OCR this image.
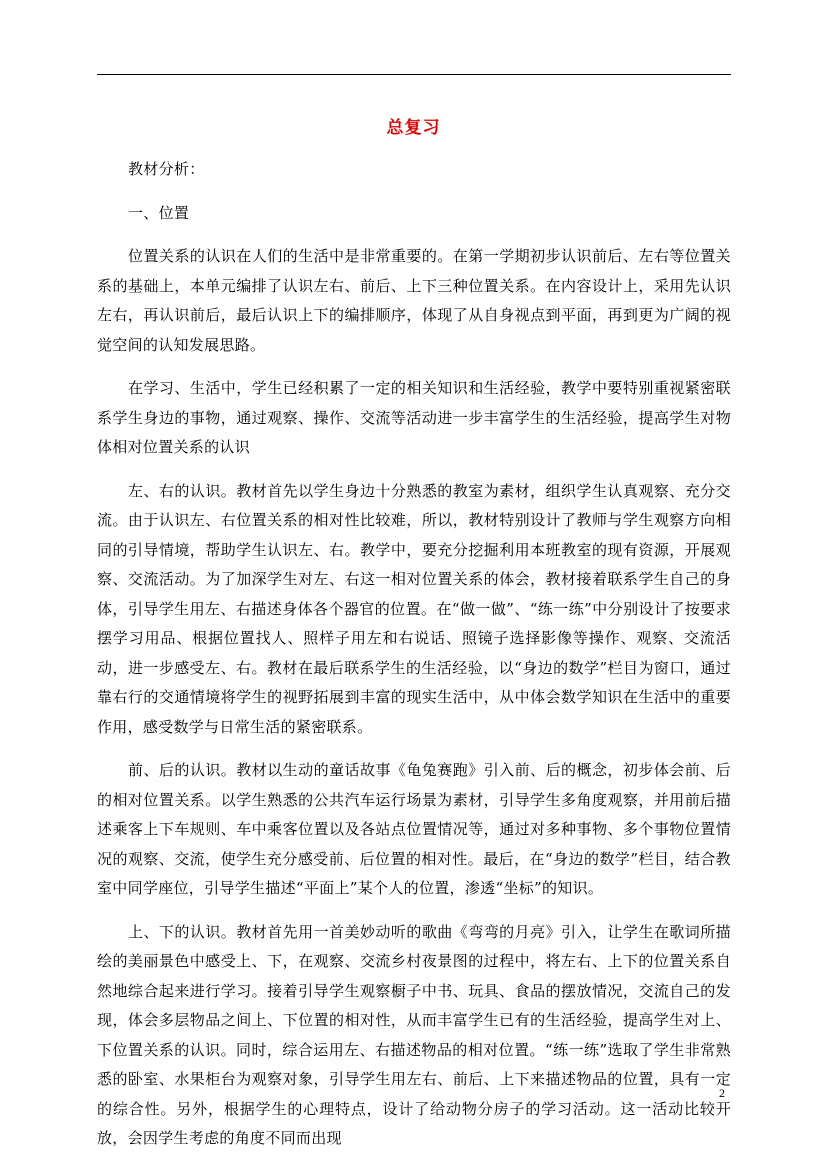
总复习

教材分析：

一、位置

位置关系的认识在人们的生活中是非常重要的。在第一学期初步认识前后、左右等位置关系的基础上，本单元编排了认识左右、前后、上下三种位置关系。在内容设计上，采用先认识左右，再认识前后，最后认识上下的编排顺序，体现了从自身视点到平面，再到更为广阔的视觉空间的认知发展思路。

在学习、生活中，学生已经积累了一定的相关知识和生活经验，教学中要特别重视紧密联系学生身边的事物，通过观察、操作、交流等活动进一步丰富学生的生活经验，提高学生对物体相对位置关系的认识

左、右的认识。教材首先以学生身边十分熟悉的教室为素材，组织学生认真观察、充分交流。由于认识左、右位置关系的相对性比较难，所以，教材特别设计了教师与学生观察方向相同的引导情境，帮助学生认识左、右。教学中，要充分挖掘利用本班教室的现有资源，开展观察、交流活动。为了加深学生对左、右这一相对位置关系的体会，教材接着联系学生自己的身体，引导学生用左、右描述身体各个器官的位置。在“做一做”、“练一练”中分别设计了按要求摆学习用品、根据位置找人、照样子用左和右说话、照镜子选择影像等操作、观察、交流活动，进一步感受左、右。教材在最后联系学生的生活经验，以“身边的数学”栏目为窗口，通过靠右行的交通情境将学生的视野拓展到丰富的现实生活中，从中体会数学知识在生活中的重要作用，感受数学与日常生活的紧密联系。

前、后的认识。教材以生动的童话故事《龟兔赛跑》引入前、后的概念，初步体会前、后的相对位置关系。以学生熟悉的公共汽车运行场景为素材，引导学生多角度观察，并用前后描述乘客上下车规则、车中乘客位置以及各站点位置情况等，通过对多种事物、多个事物位置情况的观察、交流，使学生充分感受前、后位置的相对性。最后，在“身边的数学”栏目，结合教室中同学座位，引导学生描述“平面上”某个人的位置，渗透“坐标”的知识。

上、下的认识。教材首先用一首美妙动听的歌曲《弯弯的月亮》引入，让学生在歌词所描绘的美丽景色中感受上、下，在观察、交流乡村夜景图的过程中，将左右、上下的位置关系自然地综合起来进行学习。接着引导学生观察橱子中书、玩具、食品的摆放情况，交流自己的发现，体会多层物品之间上、下位置的相对性，从而丰富学生已有的生活经验，提高学生对上、下位置关系的认识。同时，综合运用左、右描述物品的相对位置。“练一练”选取了学生非常熟悉的卧室、水果柜台为观察对象，引导学生用左右、前后、上下来描述物品的位置，具有一定的综合性。另外，根据学生的心理特点，设计了给动物分房子的学习活动。这一活动比较开放，会因学生考虑的角度不同而出现

2
